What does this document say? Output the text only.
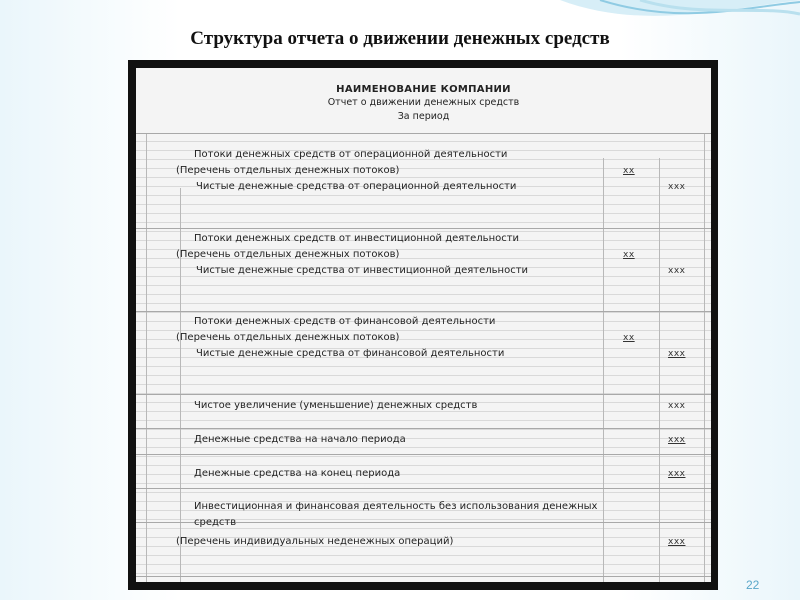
Структура отчета о движении денежных средств
НАИМЕНОВАНИЕ КОМПАНИИ
Отчет о движении денежных средств
За период
Потоки денежных средств от операционной деятельности
(Перечень отдельных денежных потоков)	xx
Чистые денежные средства от операционной деятельности	xxx
Потоки денежных средств от инвестиционной деятельности
(Перечень отдельных денежных потоков)	xx
Чистые денежные средства от инвестиционной деятельности	xxx
Потоки денежных средств от финансовой деятельности
(Перечень отдельных денежных потоков)	xx
Чистые денежные средства от финансовой деятельности	xxx
Чистое увеличение (уменьшение) денежных средств	xxx
Денежные средства на начало периода	xxx
Денежные средства на конец периода	xxx
Инвестиционная и финансовая деятельность без использования денежных средств
(Перечень индивидуальных неденежных операций)	xxx
22
